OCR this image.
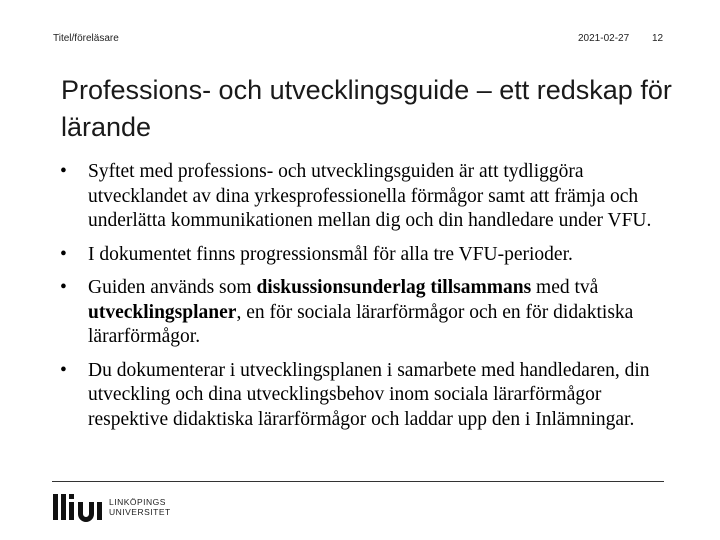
Titel/föreläsare	2021-02-27 12
Professions- och utvecklingsguide – ett redskap för lärande
• Syftet med professions- och utvecklingsguiden är att tydliggöra utvecklandet av dina yrkesprofessionella förmågor samt att främja och underlätta kommunikationen mellan dig och din handledare under VFU.
• I dokumentet finns progressionsmål för alla tre VFU-perioder.
• Guiden används som diskussionsunderlag tillsammans med två utvecklingsplaner, en för sociala lärarförmågor och en för didaktiska lärarförmågor.
• Du dokumenterar i utvecklingsplanen i samarbete med handledaren, din utveckling och dina utvecklingsbehov inom sociala lärarförmågor respektive didaktiska lärarförmågor och laddar upp den i Inlämningar.
LINKÖPINGS
UNIVERSITET
